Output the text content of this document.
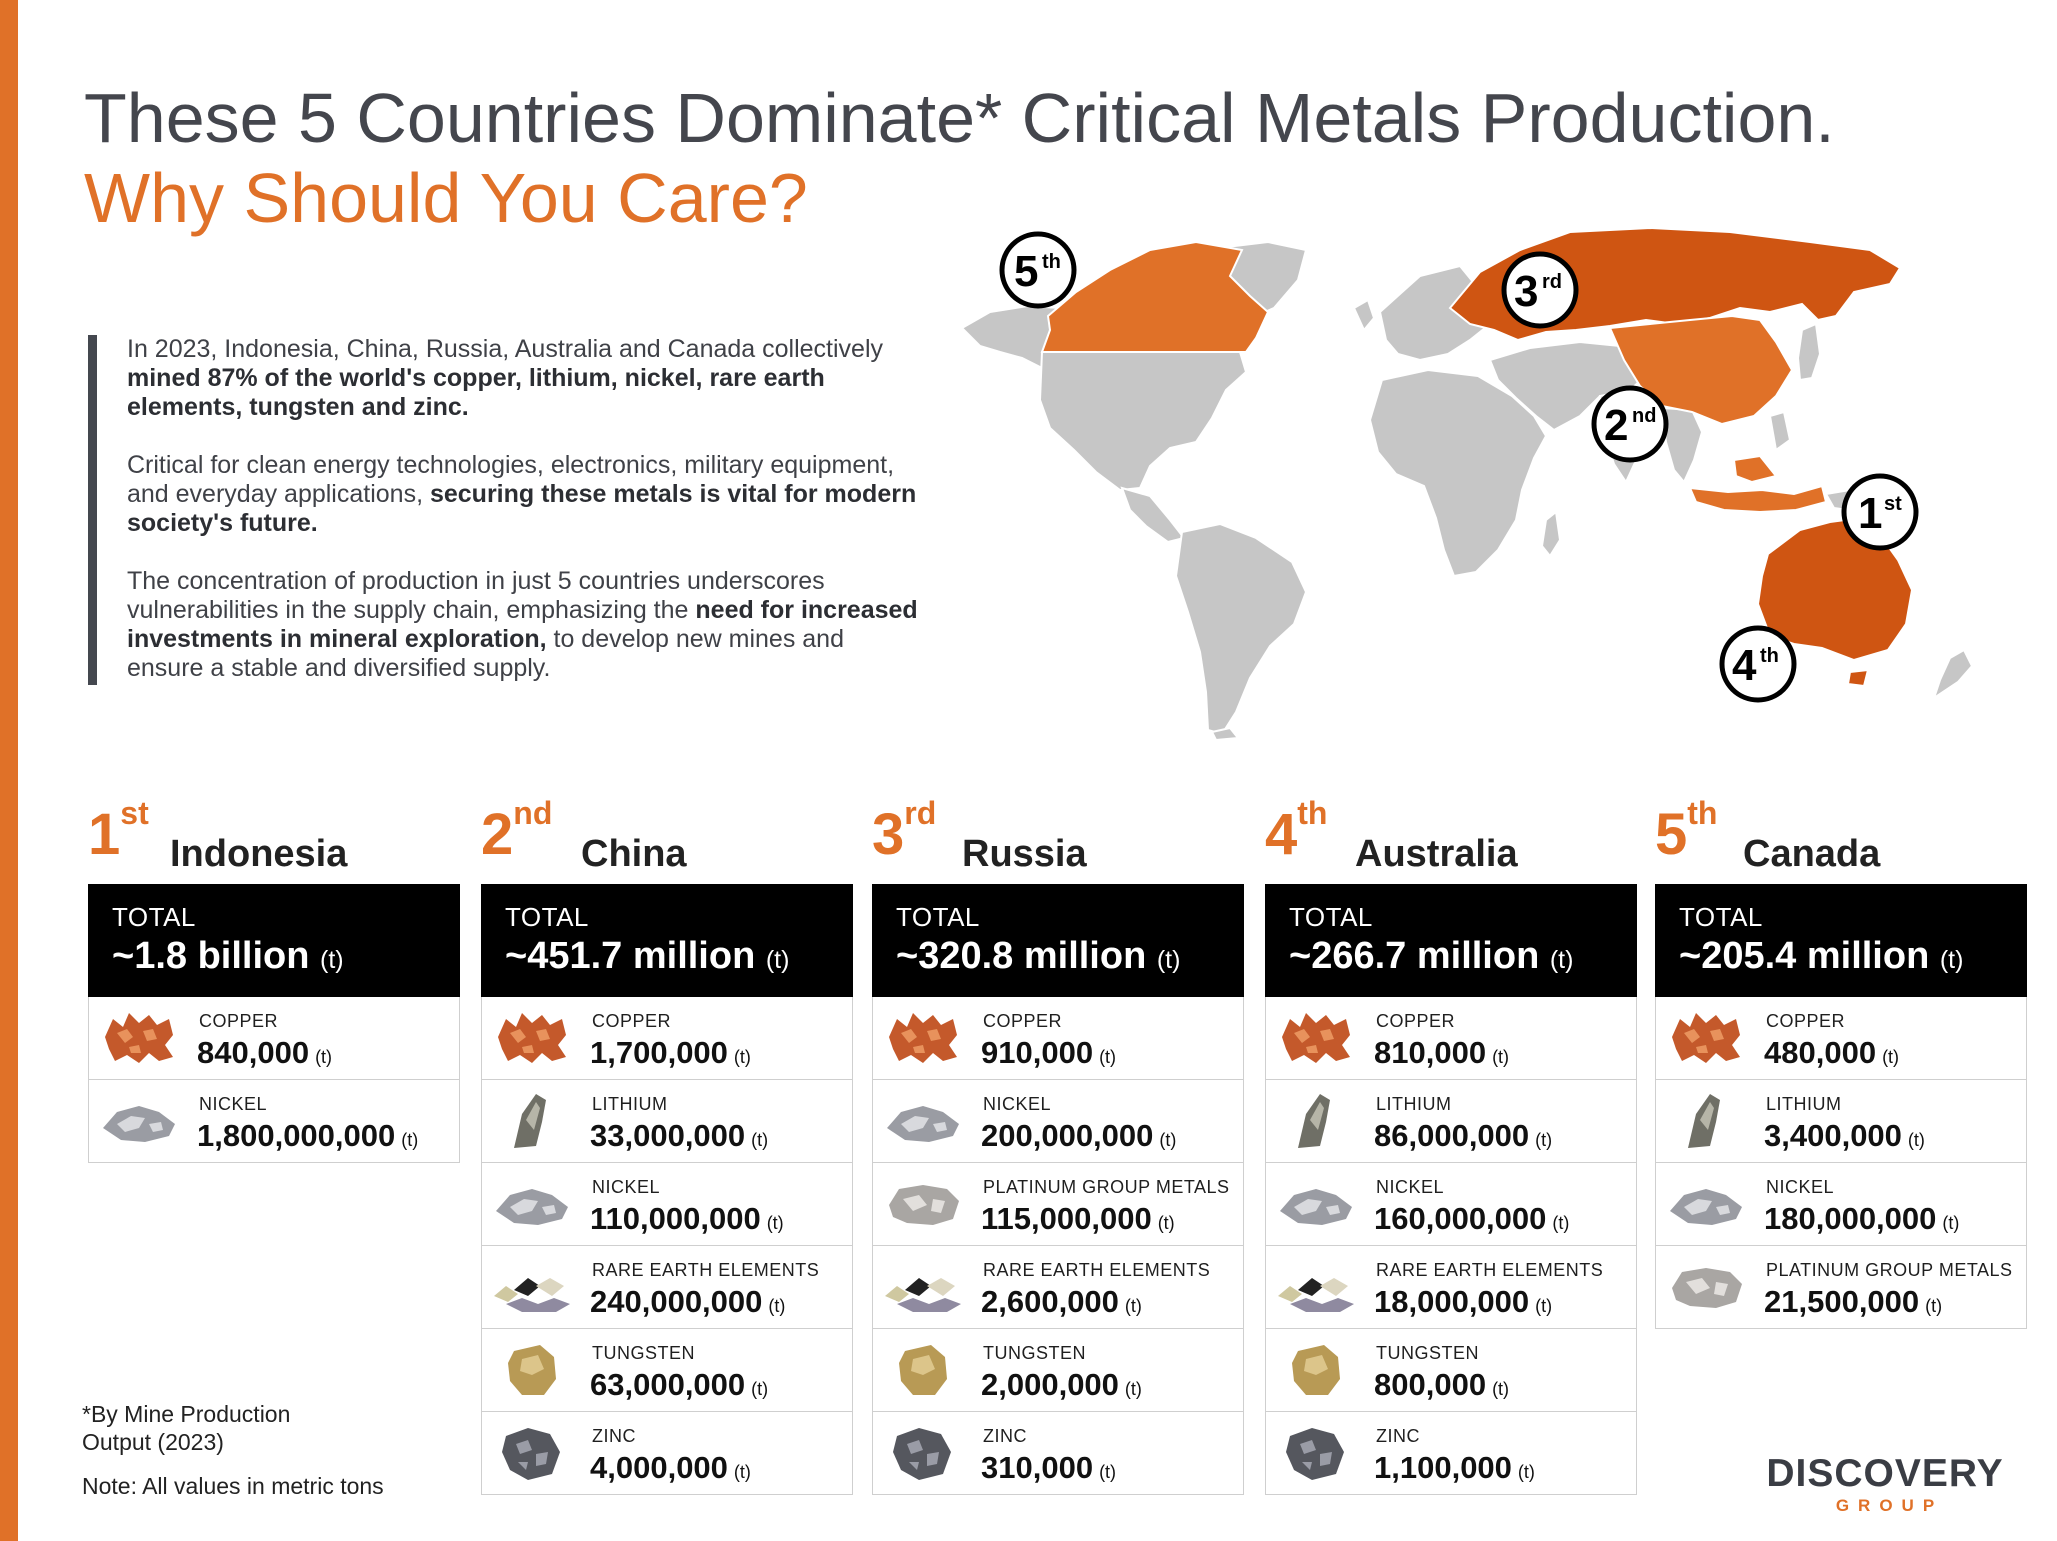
These 5 Countries Dominate* Critical Metals Production.
Why Should You Care?

In 2023, Indonesia, China, Russia, Australia and Canada collectively mined 87% of the world's copper, lithium, nickel, rare earth elements, tungsten and zinc.

Critical for clean energy technologies, electronics, military equipment, and everyday applications, securing these metals is vital for modern society's future.

The concentration of production in just 5 countries underscores vulnerabilities in the supply chain, emphasizing the need for increased investments in mineral exploration, to develop new mines and ensure a stable and diversified supply.

5 th
3 rd
2 nd
1 st
4 th
1st
Indonesia
TOTAL
~1.8 billion (t)
COPPER
840,000 (t)
NICKEL
1,800,000,000 (t)
2nd
China
TOTAL
~451.7 million (t)
COPPER
1,700,000 (t)
LITHIUM
33,000,000 (t)
NICKEL
110,000,000 (t)
RARE EARTH ELEMENTS
240,000,000 (t)
TUNGSTEN
63,000,000 (t)
ZINC
4,000,000 (t)
3rd
Russia
TOTAL
~320.8 million (t)
COPPER
910,000 (t)
NICKEL
200,000,000 (t)
PLATINUM GROUP METALS
115,000,000 (t)
RARE EARTH ELEMENTS
2,600,000 (t)
TUNGSTEN
2,000,000 (t)
ZINC
310,000 (t)
4th
Australia
TOTAL
~266.7 million (t)
COPPER
810,000 (t)
LITHIUM
86,000,000 (t)
NICKEL
160,000,000 (t)
RARE EARTH ELEMENTS
18,000,000 (t)
TUNGSTEN
800,000 (t)
ZINC
1,100,000 (t)
5th
Canada
TOTAL
~205.4 million (t)
COPPER
480,000 (t)
LITHIUM
3,400,000 (t)
NICKEL
180,000,000 (t)
PLATINUM GROUP METALS
21,500,000 (t)
*By Mine Production
Output (2023)
Note: All values in metric tons	DISCOVERY
GROUP
